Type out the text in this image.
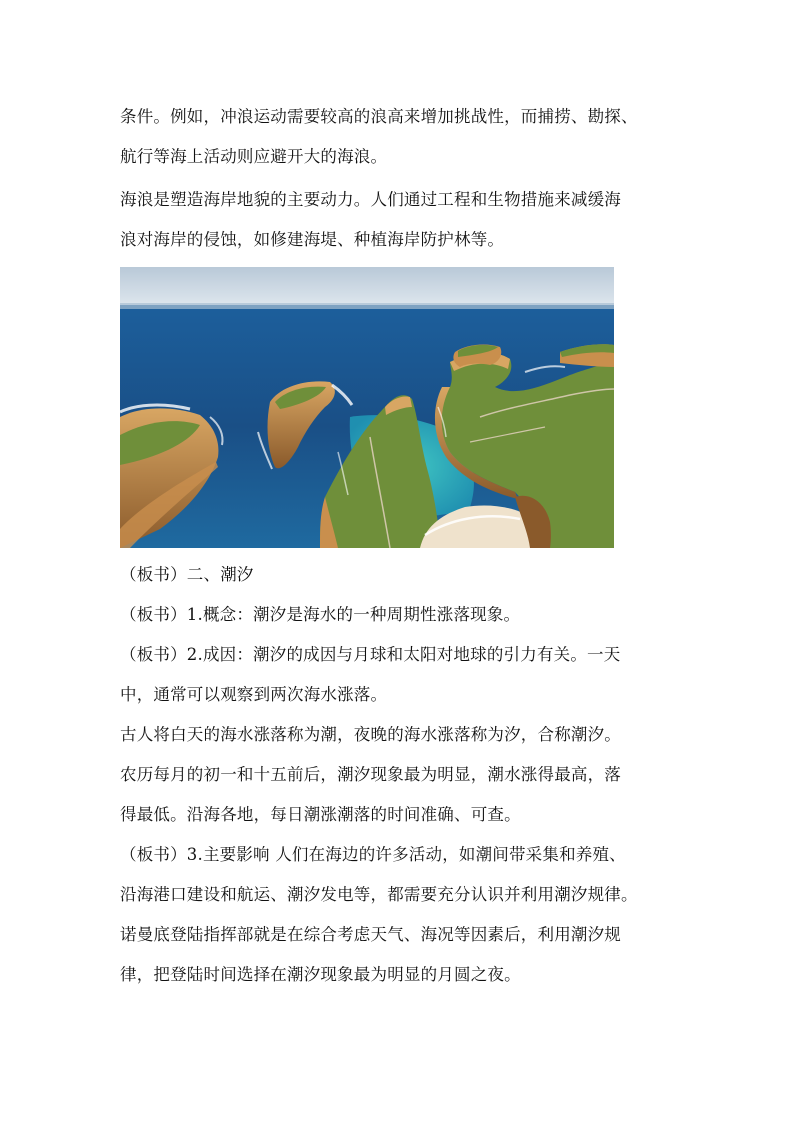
条件。例如，冲浪运动需要较高的浪高来增加挑战性，而捕捞、勘探、
航行等海上活动则应避开大的海浪。
海浪是塑造海岸地貌的主要动力。人们通过工程和生物措施来减缓海
浪对海岸的侵蚀，如修建海堤、种植海岸防护林等。
（板书）二、潮汐
（板书）1.概念：潮汐是海水的一种周期性涨落现象。
（板书）2.成因：潮汐的成因与月球和太阳对地球的引力有关。一天
中，通常可以观察到两次海水涨落。
古人将白天的海水涨落称为潮，夜晚的海水涨落称为汐，合称潮汐。
农历每月的初一和十五前后，潮汐现象最为明显，潮水涨得最高，落
得最低。沿海各地，每日潮涨潮落的时间准确、可查。
（板书）3.主要影响 人们在海边的许多活动，如潮间带采集和养殖、
沿海港口建设和航运、潮汐发电等，都需要充分认识并利用潮汐规律。
诺曼底登陆指挥部就是在综合考虑天气、海况等因素后，利用潮汐规
律，把登陆时间选择在潮汐现象最为明显的月圆之夜。
